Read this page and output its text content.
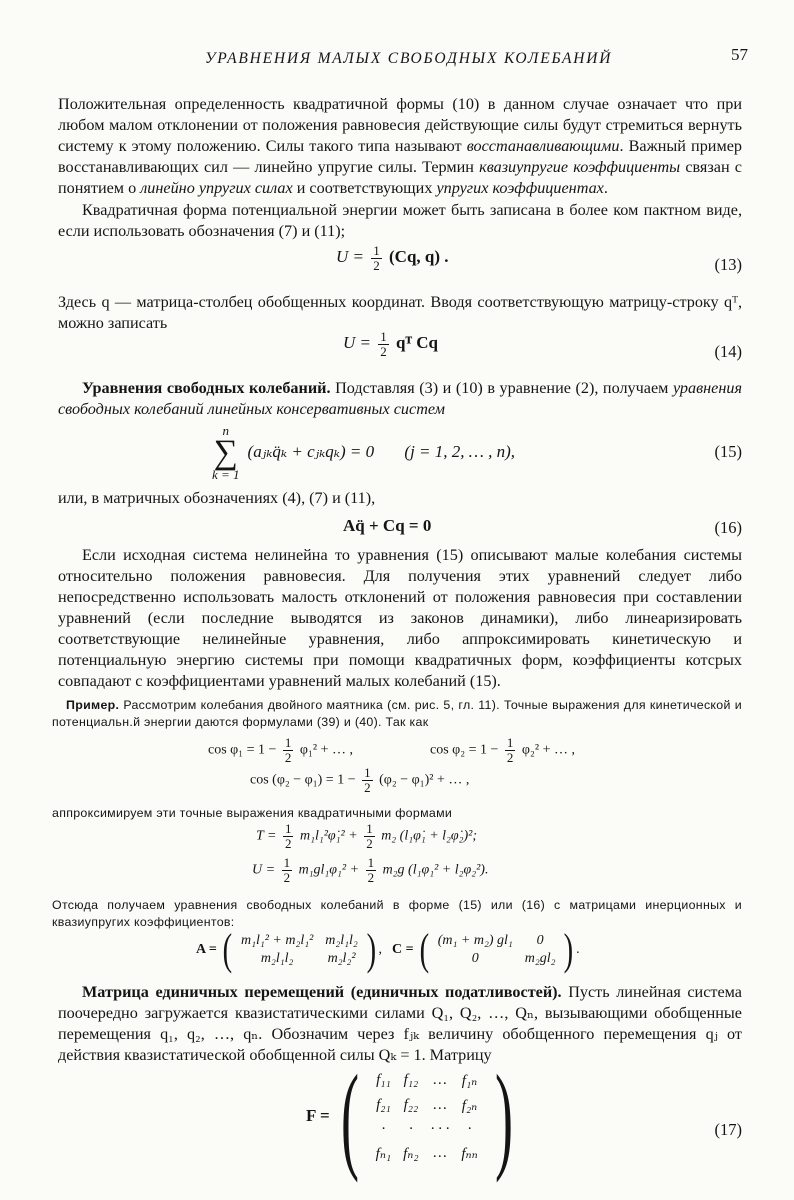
УРАВНЕНИЯ МАЛЫХ СВОБОДНЫХ КОЛЕБАНИЙ	57

Положительная определенность квадратичной формы (10) в данном случае означает что при любом малом отклонении от положения равновесия действующие силы будут стремиться вернуть систему к этому положению. Силы такого типа называют восстанавливающими. Важный пример восстанавливающих сил — линейно упругие силы. Термин квазиупругие коэффициенты связан с понятием о линейно упругих силах и соответствующих упругих коэффициентах.

Квадратичная форма потенциальной энергии может быть записана в более ком пактном виде, если использовать обозначения (7) и (11);

$U = \frac{1}{2} (Cq$, q) .	(13)

Здесь q — матрица-столбец обобщенных координат. Вводя соответствующую матрицу-строку qᵀ, можно записать

$U = \frac{1}{2}$ qᵀ Cq	(14)

Уравнения свободных колебаний. Подставляя (3) и (10) в уравнение (2), получаем уравнения свободных колебаний линейных консервативных систем

n
∑
k = 1(aⱼₖq̈ₖ + cⱼₖqₖ) = 0 (j = 1, 2, … , n),	(15)

или, в матричных обозначениях (4), (7) и (11),

Aq̈ + Cq = 0	(16)

Если исходная система нелинейна то уравнения (15) описывают малые колебания системы относительно положения равновесия. Для получения этих уравнений следует либо непосредственно использовать малость отклонений от положения равновесия при составлении уравнений (если последние выводятся из законов динамики), либо линеаризировать соответствующие нелинейные уравнения, либо аппроксимировать кинетическую и потенциальную энергию системы при помощи квадратичных форм, коэффициенты котсрых совпадают с коэффициентами уравнений малых колебаний (15).

Пример. Рассмотрим колебания двойного маятника (см. рис. 5, гл. 11). Точные выражения для кинетической и потенциальн.й энергии даются формулами (39) и (40). Так как

$\cos \varphi_1 = 1 - \frac{1}{2} \varphi_1^2$ + … ,	$\cos \varphi_2 = 1 - \frac{1}{2} \varphi_2^2$ + … ,
$\cos (\varphi_2 - \varphi_1) = 1 - \frac{1}{2} (\varphi_2 - \varphi_1)^2$ + … ,

аппроксимируем эти точные выражения квадратичными формами

$T = \frac{1}{2}$ m₁l₁²φ̇₁² + $\frac{1}{2} m_2$ (l₁φ̇₁ + l₂φ̇₂)²;
$U = \frac{1}{2} m_1gl_1\varphi_1^2 + \frac{1}{2} m_2g$ (l₁φ₁² + l₂φ₂²).

Отсюда получаем уравнения свободных колебаний в форме (15) или (16) с матрицами инерционных и квазиупругих коэффициентов:

A = ( m₁l₁² + m₂l₁²	m₂l₁l₂
m₂l₁l₂	m₂l₂² ) , C = ( (m₁ + m₂) gl₁	0
0	m₂gl₂ ) .

Матрица единичных перемещений (единичных податливостей). Пусть линейная система поочередно загружается квазистатическими силами Q₁, Q₂, …, Qₙ, вызывающими обобщенные перемещения q₁, q₂, …, qₙ. Обозначим через fⱼₖ величину обобщенного перемещения qⱼ от действия квазистатической обобщенной силы Qₖ = 1. Матрицу

F =( f₁₁	f₁₂	…	f₁ₙ
f₂₁	f₂₂	…	f₂ₙ
·	·	· · ·	·
fₙ₁	fₙ₂	…	fₙₙ )	(17)
